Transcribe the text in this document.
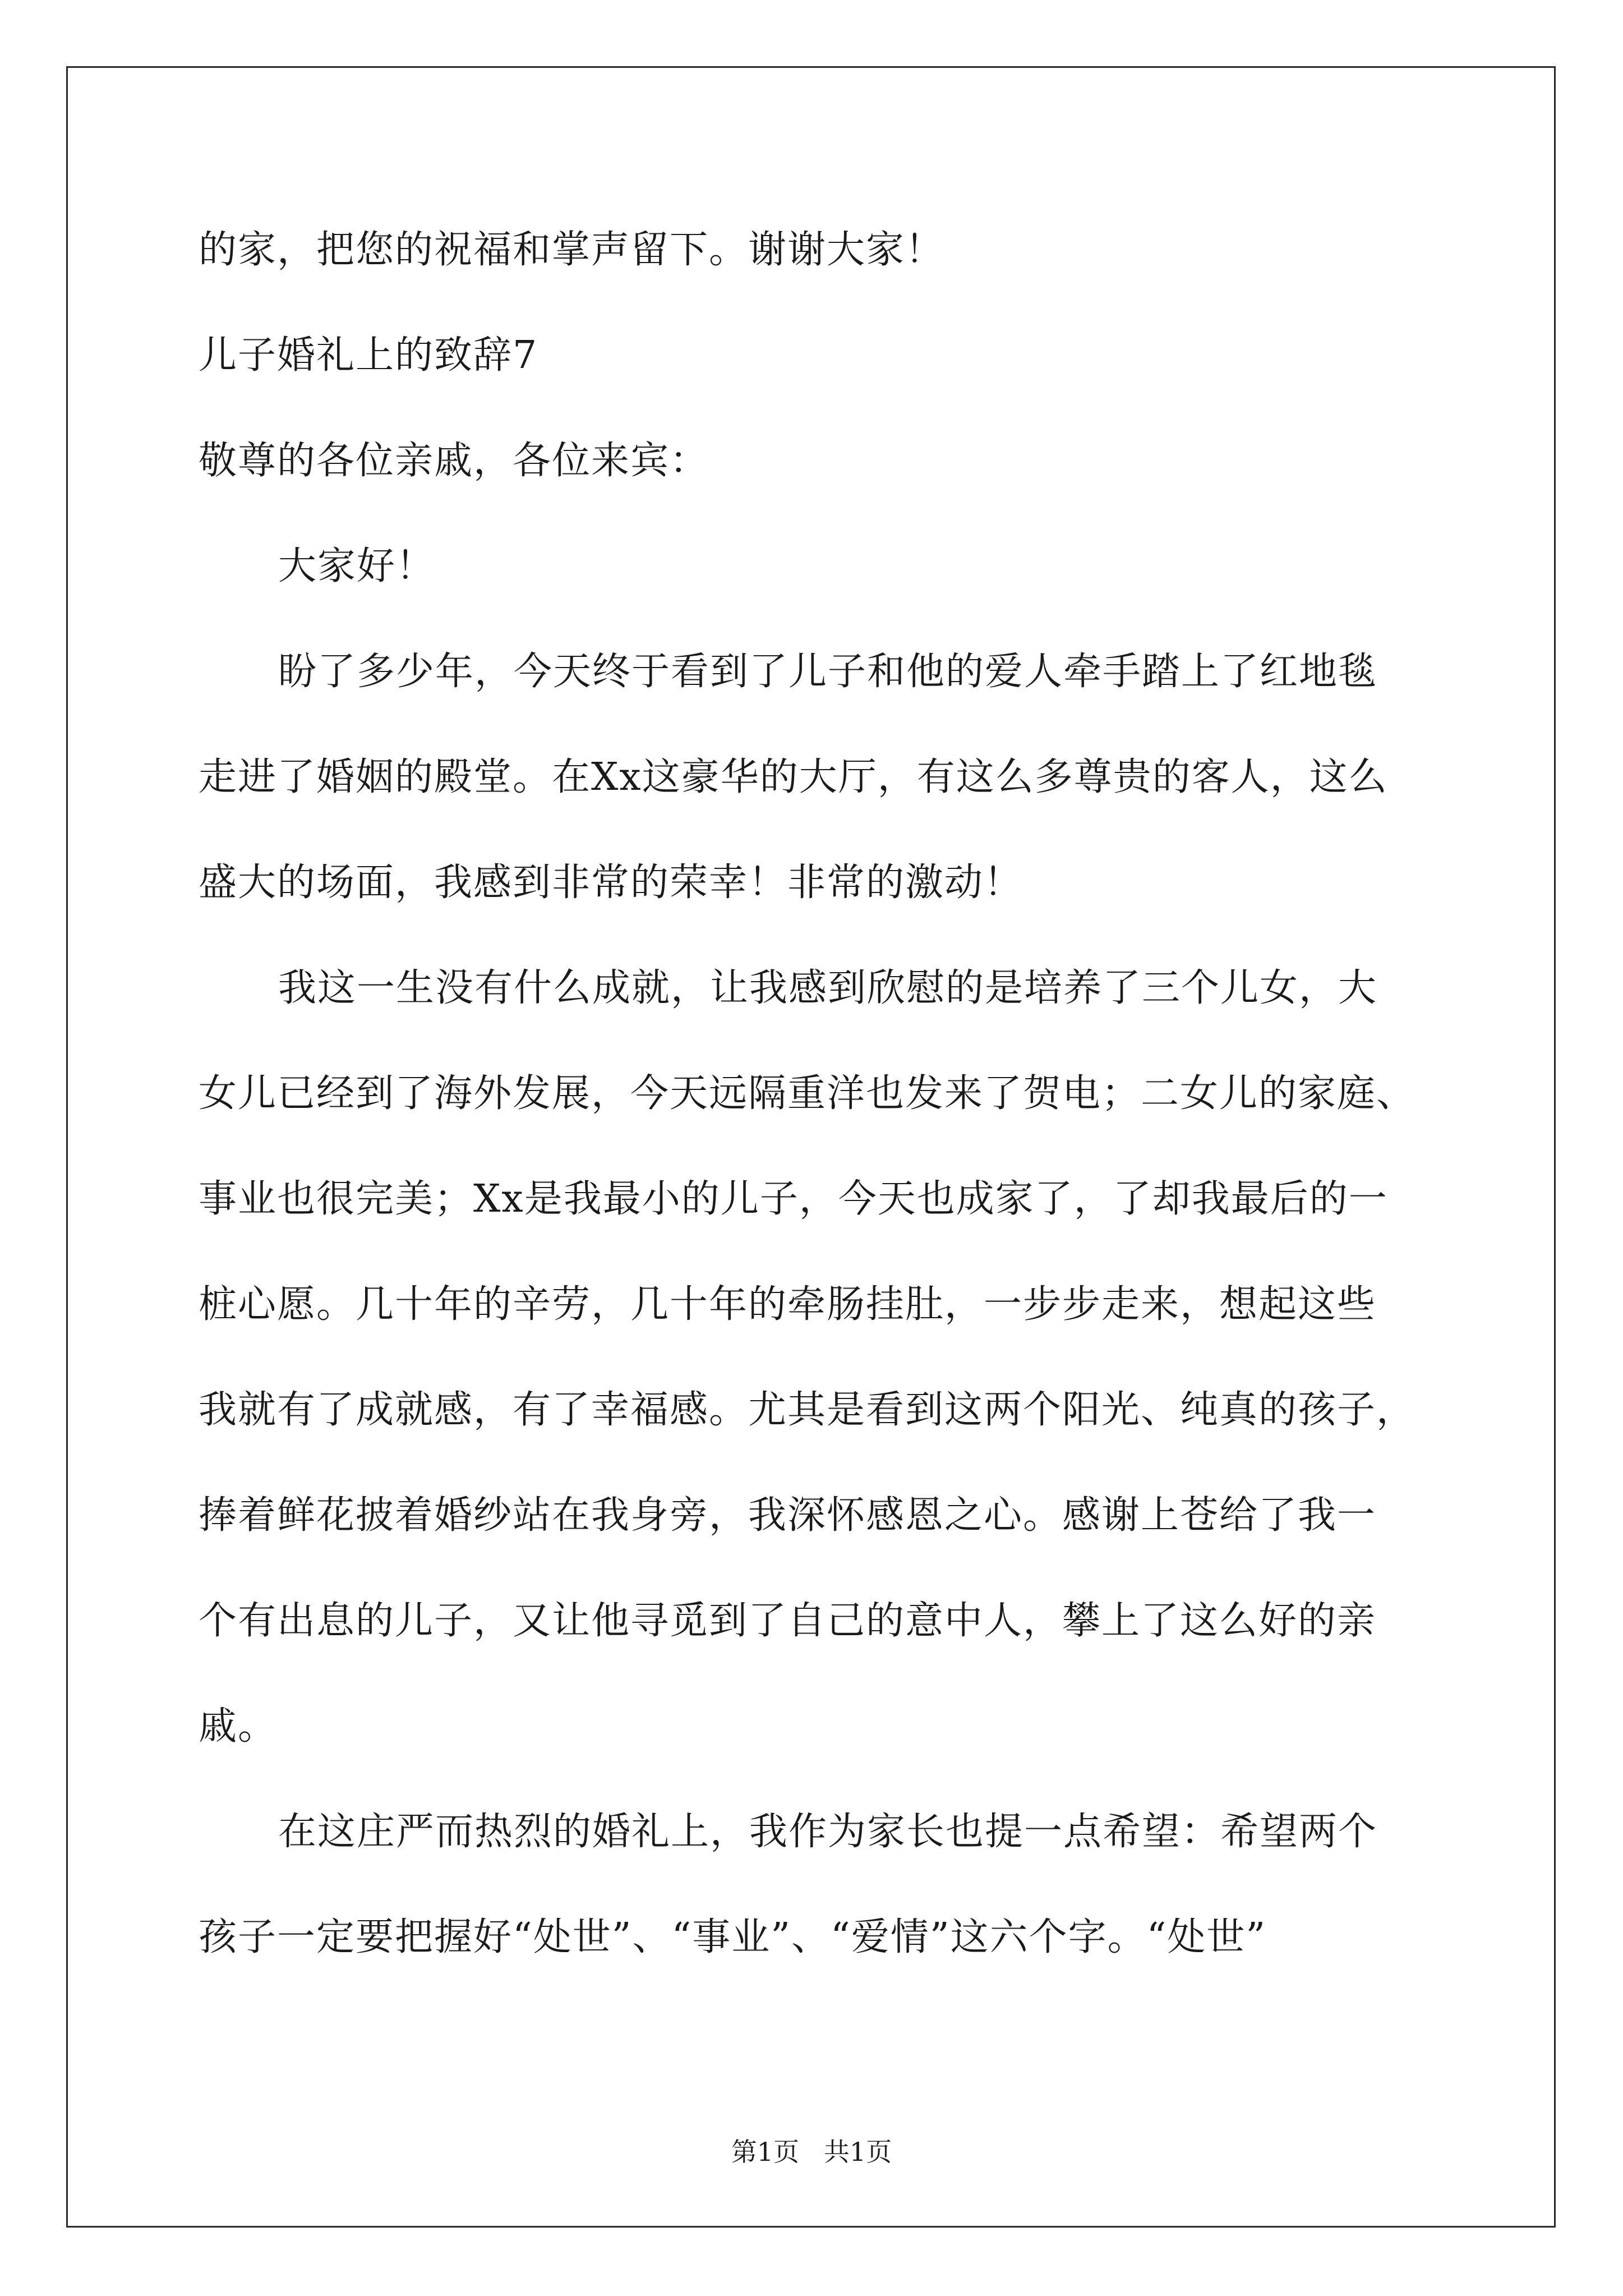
的家，把您的祝福和掌声留下。谢谢大家！
儿子婚礼上的致辞7
敬尊的各位亲戚，各位来宾：
大家好！
盼了多少年，今天终于看到了儿子和他的爱人牵手踏上了红地毯
走进了婚姻的殿堂。在Xx这豪华的大厅，有这么多尊贵的客人，这么
盛大的场面，我感到非常的荣幸！非常的激动！
我这一生没有什么成就，让我感到欣慰的是培养了三个儿女，大
女儿已经到了海外发展，今天远隔重洋也发来了贺电；二女儿的家庭、
事业也很完美；Xx是我最小的儿子，今天也成家了，了却我最后的一
桩心愿。几十年的辛劳，几十年的牵肠挂肚，一步步走来，想起这些
我就有了成就感，有了幸福感。尤其是看到这两个阳光、纯真的孩子，
捧着鲜花披着婚纱站在我身旁，我深怀感恩之心。感谢上苍给了我一
个有出息的儿子，又让他寻觅到了自己的意中人，攀上了这么好的亲
戚。
在这庄严而热烈的婚礼上，我作为家长也提一点希望：希望两个
孩子一定要把握好“处世”、“事业”、“爱情”这六个字。“处世”
第1页   共1页
